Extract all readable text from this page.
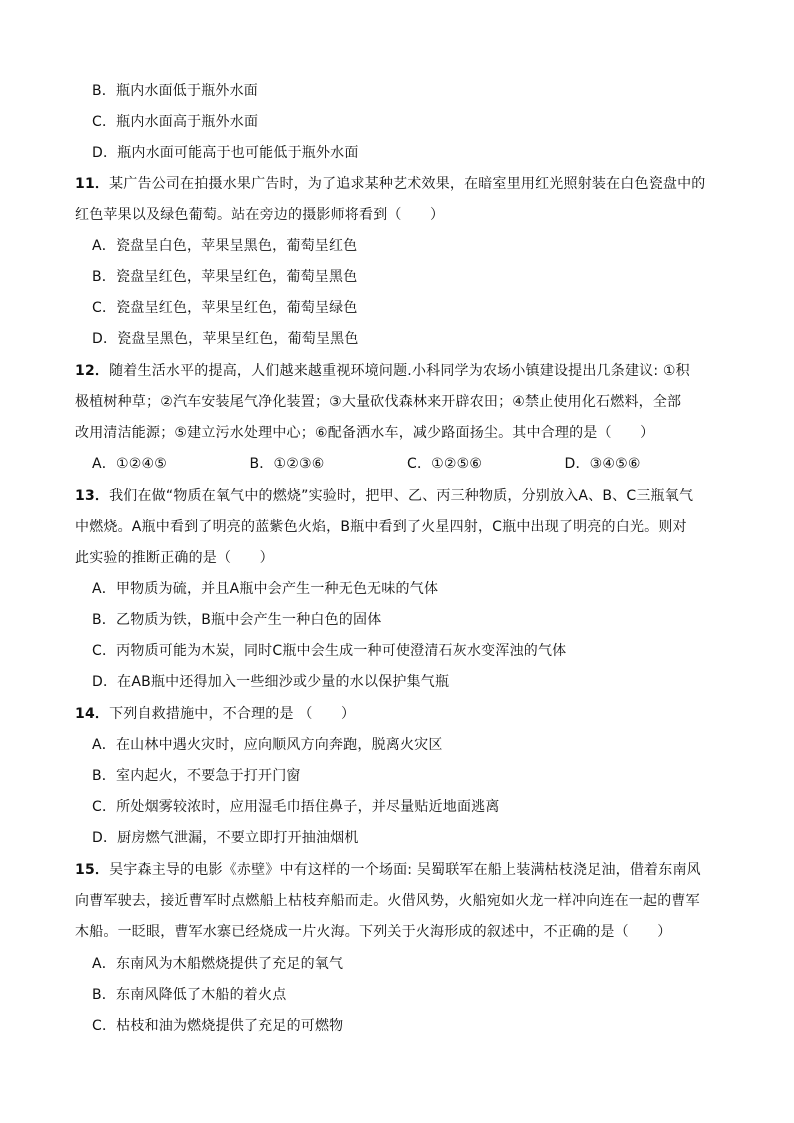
B．瓶内水面低于瓶外水面
C．瓶内水面高于瓶外水面
D．瓶内水面可能高于也可能低于瓶外水面
11．某广告公司在拍摄水果广告时，为了追求某种艺术效果，在暗室里用红光照射装在白色瓷盘中的
红色苹果以及绿色葡萄。站在旁边的摄影师将看到（　　）
A．瓷盘呈白色，苹果呈黑色，葡萄呈红色
B．瓷盘呈红色，苹果呈红色，葡萄呈黑色
C．瓷盘呈红色，苹果呈红色，葡萄呈绿色
D．瓷盘呈黑色，苹果呈红色，葡萄呈黑色
12．随着生活水平的提高，人们越来越重视环境问题.小科同学为农场小镇建设提出几条建议: ①积
极植树种草；②汽车安装尾气净化装置；③大量砍伐森林来开辟农田；④禁止使用化石燃料，全部
改用清洁能源；⑤建立污水处理中心；⑥配备洒水车，减少路面扬尘。其中合理的是（　　）
A．①②④⑤	B．①②③⑥	C．①②⑤⑥	D．③④⑤⑥
13．我们在做“物质在氧气中的燃烧”实验时，把甲、乙、丙三种物质，分别放入A、B、C三瓶氧气
中燃烧。A瓶中看到了明亮的蓝紫色火焰，B瓶中看到了火星四射，C瓶中出现了明亮的白光。则对
此实验的推断正确的是（　　）
A．甲物质为硫，并且A瓶中会产生一种无色无味的气体
B．乙物质为铁，B瓶中会产生一种白色的固体
C．丙物质可能为木炭，同时C瓶中会生成一种可使澄清石灰水变浑浊的气体
D．在AB瓶中还得加入一些细沙或少量的水以保护集气瓶
14．下列自救措施中，不合理的是 （　　）
A．在山林中遇火灾时，应向顺风方向奔跑，脱离火灾区
B．室内起火，不要急于打开门窗
C．所处烟雾较浓时，应用湿毛巾捂住鼻子，并尽量贴近地面逃离
D．厨房燃气泄漏，不要立即打开抽油烟机
15．吴宇森主导的电影《赤壁》中有这样的一个场面: 吴蜀联军在船上装满枯枝浇足油，借着东南风
向曹军驶去，接近曹军时点燃船上枯枝弃船而走。火借风势，火船宛如火龙一样冲向连在一起的曹军
木船。一眨眼，曹军水寨已经烧成一片火海。下列关于火海形成的叙述中，不正确的是（　　）
A．东南风为木船燃烧提供了充足的氧气
B．东南风降低了木船的着火点
C．枯枝和油为燃烧提供了充足的可燃物
